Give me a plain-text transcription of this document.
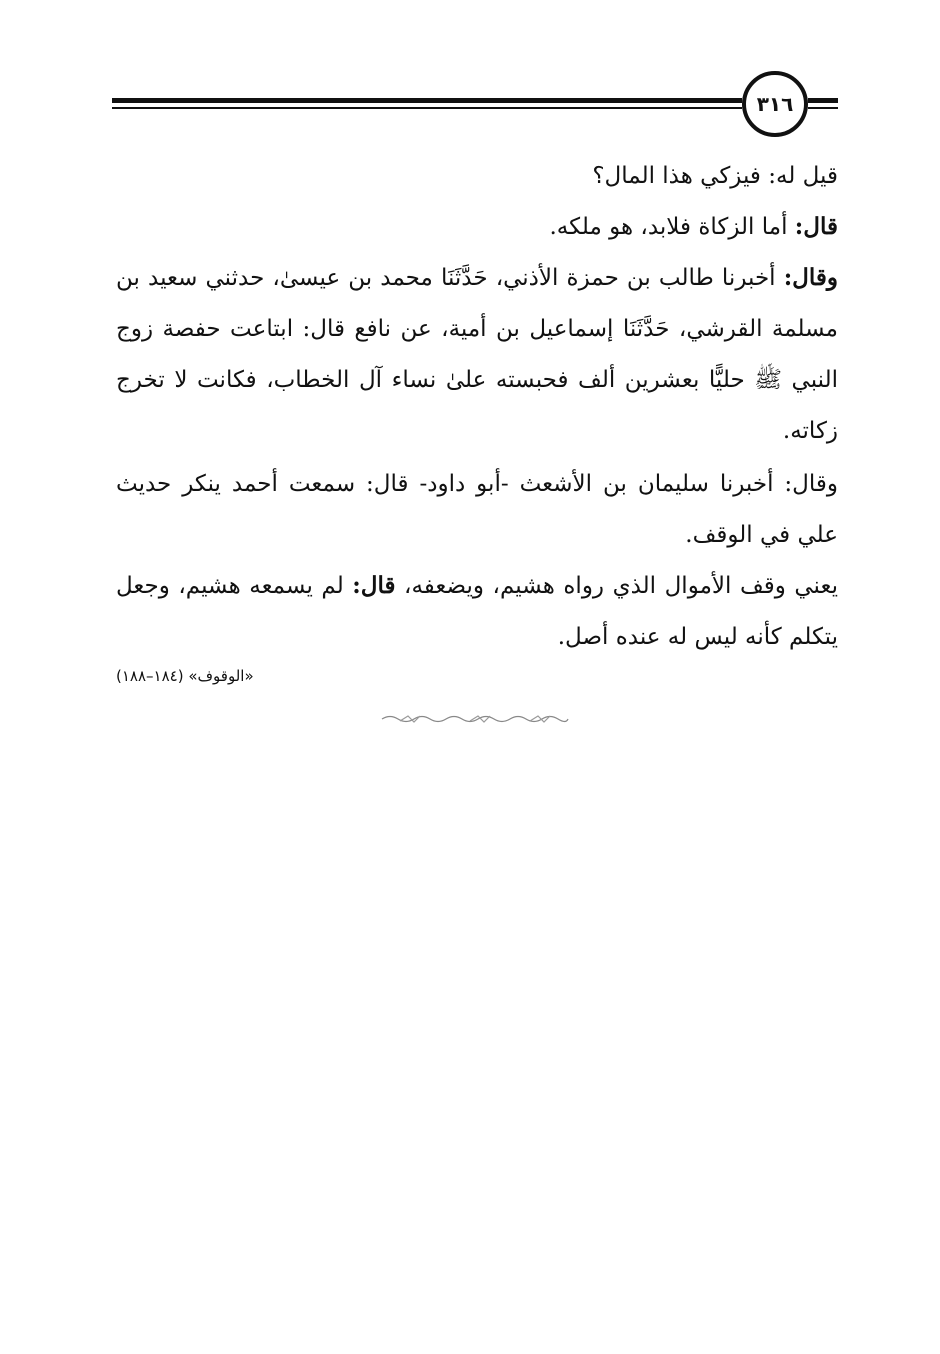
٣١٦
قيل له: فيزكي هذا المال؟
قال: أما الزكاة فلابد، هو ملكه.
وقال: أخبرنا طالب بن حمزة الأذني، حَدَّثَنَا محمد بن عيسىٰ، حدثني سعيد بن مسلمة القرشي، حَدَّثَنَا إسماعيل بن أمية، عن نافع قال: ابتاعت حفصة زوج النبي ﷺ حليًّا بعشرين ألف فحبسته علىٰ نساء آل الخطاب، فكانت لا تخرج زكاته.
وقال: أخبرنا سليمان بن الأشعث -أبو داود- قال: سمعت أحمد ينكر حديث علي في الوقف.
يعني وقف الأموال الذي رواه هشيم، ويضعفه، قال: لم يسمعه هشيم، وجعل يتكلم كأنه ليس له عنده أصل.
«الوقوف» (١٨٤–١٨٨)
